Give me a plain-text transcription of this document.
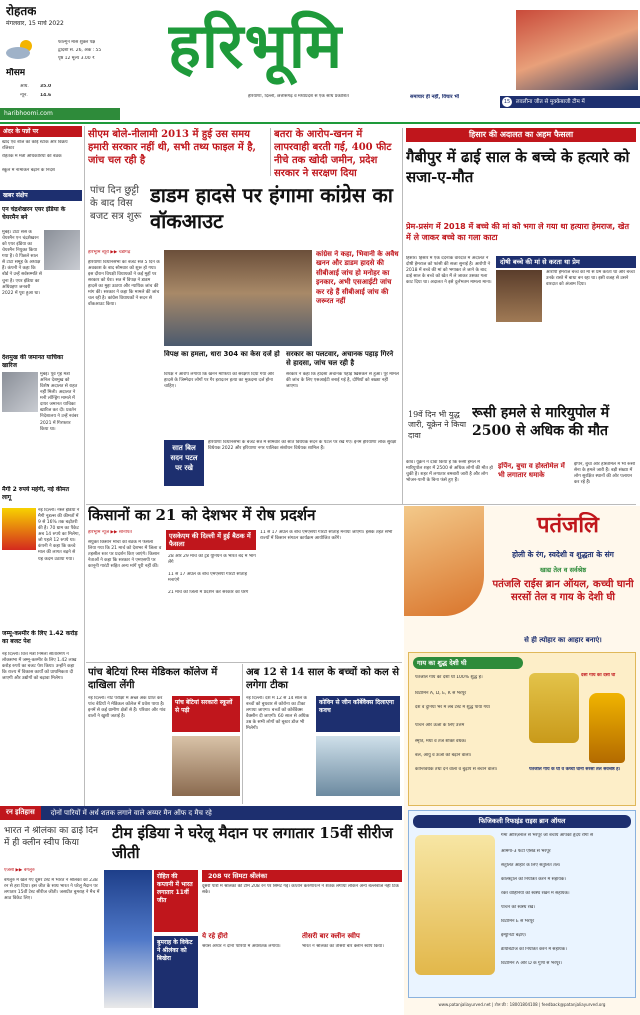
रोहतक
मंगलवार, 15 मार्च 2022
फाल्गुन मास शुक्ल पक्ष
द्वादशी सं. 26, अंक : 55
पृष्ठ 12 मूल्य 3.00 ₹
मौसम
अधि. 35.0
न्यून.	14.6
haribhoomi.com
हरिभूमि
हरियाणा, दिल्ली, छत्तीसगढ़ व मध्यप्रदेश से एक साथ प्रकाशित	समाचार ही नहीं, विचार भी
15 लवलीना जीत से मुक्केबाजी टीम में
अंदर के पन्नों पर
खाद एवं बीज का कोई स्टॉक और विक्रय रजिस्टर
रोहतक में मंत्री अधिकारियों की बैठक
स्कूल में नामांकन बढ़ाने के निर्देश
खबर संक्षेप
एन चंद्रशेखरन एयर इंडिया के चेयरमैन बने
मुंबई। टाटा संस के चेयरमैन एन चंद्रशेखरन को एयर इंडिया का चेयरमैन नियुक्त किया गया है। वे पिछले साल से टाटा समूह के अध्यक्ष हैं। कंपनी ने कहा कि बोर्ड ने उन्हें सर्वसम्मति से चुना है। एयर इंडिया का अधिग्रहण जनवरी 2022 में पूरा हुआ था।
देशमुख की जमानत याचिका खारिज
मुंबई। पूर्व गृह मंत्री अनिल देशमुख को विशेष अदालत से राहत नहीं मिली। अदालत ने मनी लॉन्ड्रिंग मामले में दायर जमानत याचिका खारिज कर दी। प्रवर्तन निदेशालय ने उन्हें नवंबर 2021 में गिरफ्तार किया था।
मैगी 2 रुपये महंगी, नई कीमत लागू
नई दिल्ली। नेस्ले इंडिया ने मैगी नूडल्स की कीमतों में 9 से 16% तक बढ़ोतरी की है। 70 ग्राम का पैकेट अब 14 रुपये का मिलेगा, जो पहले 12 रुपये था। कंपनी ने कहा कि कच्चे माल की लागत बढ़ने से यह कदम उठाया गया।
जम्मू-कश्मीर के लिए 1.42 करोड़ का बजट पेश
नई दिल्ली। वित्त मंत्री निर्मला सीतारमण ने लोकसभा में जम्मू-कश्मीर के लिए 1.42 लाख करोड़ रुपये का बजट पेश किया। उन्होंने कहा कि राज्य में विकास कार्यों को प्राथमिकता दी जाएगी और उद्योगों को बढ़ावा मिलेगा।
सीएम बोले-नीलामी 2013 में हुई उस समय हमारी सरकार नहीं थी, सभी तथ्य फाइल में है, जांच चल रही है
बतरा के आरोप-खनन में लापरवाही बरती गई, 400 फीट नीचे तक खोदी जमीन, प्रदेश सरकार ने सरक्षण दिया
पांच दिन छुट्टी के बाद विस बजट सत्र शुरू
डाडम हादसे पर हंगामा कांग्रेस का वॉकआउट
हरिभूमि ब्यूरो ▶▶ चंडीगढ़
हरियाणा विधानसभा का बजट सत्र 5 दिन के अवकाश के बाद सोमवार को शुरू हो गया। इस दौरान विपक्षी विधायकों ने कई मुद्दों पर सरकार को घेरा। सत्र में विपक्ष ने डाडम हादसे का मुद्दा उठाया और न्यायिक जांच की मांग की। सरकार ने कहा कि मामले की जांच चल रही है। कांग्रेस विधायकों ने सदन से वॉकआउट किया।
कांग्रेस ने कहा, भिवानी के अवैध खनन और डाडम हादसे की सीबीआई जांच हो मनोहर का इनकार, अभी एसआईटी जांच कर रहे हैं सीबीआई जांच की जरूरत नहीं
विपक्ष का हमला, धारा 304 का केस दर्ज हो
विपक्ष ने आरोप लगाया कि खनन माफिया को संरक्षण दिया गया और हादसे के जिम्मेदार लोगों पर गैर इरादतन हत्या का मुकदमा दर्ज होना चाहिए।
सरकार का पलटवार, अचानक पहाड़ गिरने से हादसा, जांच चल रही है
सरकार ने कहा कि हादसा अचानक पहाड़ खिसकने से हुआ। पूरे मामले की जांच के लिए एसआईटी बनाई गई है, दोषियों को बख्शा नहीं जाएगा।
सात बिल सदन पटल पर रखे
हरियाणा विधानसभा के बजट सत्र में सोमवार को सात विधेयक सदन के पटल पर रखे गए। इनमें हरियाणा लोक सुरक्षा विधेयक 2022 और हरियाणा नगर पालिका संशोधन विधेयक शामिल हैं।
हिसार की अदालत का अहम फैसला
गैबीपुर में ढाई साल के बच्चे के हत्यारे को सजा-ए-मौत
प्रेम-प्रसंग में 2018 में बच्चे की मां को भगा ले गया था हत्यारा हेमराज, खेत में ले जाकर बच्चे का गला काटा
हिसार। हिसार में एक दर्दनाक वारदात में अदालत ने दोषी हेमराज को फांसी की सजा सुनाई है। आरोपी ने 2018 में बच्चे की मां को भगाकर ले जाने के बाद ढाई साल के बच्चे को खेत में ले जाकर उसका गला काट दिया था। अदालत ने इसे दुर्लभतम मामला माना।
दोषी बच्चे की मां से करता था प्रेम
आरोपी हेमराज बच्चे की मां से प्रेम करता था और बच्चा उनके रास्ते में बाधा बन रहा था। इसी वजह से उसने वारदात को अंजाम दिया।
19वें दिन भी युद्ध जारी, यूक्रेन ने किया दावा
रूसी हमले से मारियुपोल में 2500 से अधिक की मौत
कीव। यूक्रेन ने दावा किया है कि रूसी हमले में मारियुपोल शहर में 2500 से अधिक लोगों की मौत हो चुकी है। शहर में लगातार बमबारी जारी है और लोग भोजन-पानी के बिना फंसे हुए हैं।
इर्पिन, बुचा व होस्तोमेल में भी लगातार धमाके
इर्पिन, बुचा और होस्तोमेल में भी रूसी सेना के हमले जारी हैं। बड़ी संख्या में लोग सुरक्षित स्थानों की ओर पलायन कर रहे हैं।
किसानों का 21 को देशभर में रोष प्रदर्शन
हरिभूमि न्यूज ▶▶ सोनीपत
संयुक्त किसान मोर्चा की बैठक में फैसला लिया गया कि 21 मार्च को देशभर में जिला व तहसील स्तर पर प्रदर्शन किए जाएंगे। किसान नेताओं ने कहा कि सरकार ने एमएसपी पर कानूनी गारंटी सहित अन्य मांगें पूरी नहीं कीं।
एसकेएम की दिल्ली में हुई बैठक में फैसला
28 और 29 मार्च को ट्रेड यूनियन के भारत बंद में भाग लेंगे
11 से 17 अप्रैल के बीच एमएसपी गारंटी सप्ताह मनाएंगे
21 मार्च को जिलों में प्रदर्शन कर सरकार को घेरेंगे
11 से 17 अप्रैल के बीच एमएसपी गारंटी सप्ताह मनाया जाएगा। इसके तहत सभी राज्यों में किसान संगठन कार्यक्रम आयोजित करेंगे।
पांच बेटियां रिम्स मेडिकल कॉलेज में दाखिला लेंगी
नई दिल्ली। नीट परीक्षा में अच्छे अंक प्राप्त कर पांच बेटियों ने मेडिकल कॉलेज में प्रवेश पाया है। इनमें से कई ग्रामीण क्षेत्रों से हैं। परिवार और गांव वालों ने खुशी जताई है।
पांच बेटियां सरकारी स्कूलों से पढ़ी
अब 12 से 14 साल के बच्चों को कल से लगेगा टीका
नई दिल्ली। देश में 12 से 14 साल के बच्चों को बुधवार से कोरोना का टीका लगाया जाएगा। बच्चों को कोर्बेवैक्स वैक्सीन दी जाएगी। 60 साल से अधिक उम्र के सभी लोगों को बूस्टर डोज भी मिलेगी।
कोविन से जीन कॉर्बेवैक्स दिलाएगा कवच
रन इतिहास दोनों पारियों में अर्ध शतक लगाने वाले अय्यर मैन ऑफ द मैच रहे
भारत ने श्रीलंका का ढाई दिन में ही क्लीन स्वीप किया
टीम इंडिया ने घरेलू मैदान पर लगातार 15वीं सीरीज जीती
एजेंसी ▶▶ बेंगलुरु
बेंगलुरु में खेले गए दूसरे टेस्ट में भारत ने श्रीलंका को 238 रन से हरा दिया। इस जीत के साथ भारत ने घरेलू मैदान पर लगातार 15वीं टेस्ट सीरीज जीती। जसप्रीत बुमराह ने मैच में आठ विकेट लिए।
रोहित की कप्तानी में भारत लगातार 11वीं जीत
बुमराह के विकेट ने श्रीलंका को बिखेरा
208 पर सिमटा श्रीलंका
दूसरी पारी में श्रीलंका की टीम 208 रन पर सिमट गई। कप्तान करुणारत्ने ने शतक लगाया लेकिन अन्य बल्लेबाज नहीं टिक सके।
ये रहे हीरो
श्रेयस अय्यर ने दोनों पारियों में अर्धशतक लगाया।
तीसरी बार क्लीन स्वीप
भारत ने श्रीलंका का तीसरी बार क्लीन स्वीप किया।
पतंजलि
होली के रंग, स्वदेशी व शुद्धता के संग
खाद्य तेल व सर्वश्रेष्ठ
पतंजलि राईस ब्रान ऑयल, कच्ची घानी सरसों तेल व गाय के देशी घी
से ही त्योहार का आहार बनाएं।
गाय का शुद्ध देशी घी
पतंजलि गाय का देशी घी 100% शुद्ध है।
विटामिन A, D, E, K से भरपूर
देश व दुनिया भर में लैब टेस्ट में शुद्ध पाया गया
पाचन और ऊर्जा के लिए उत्तम
स्मृति, मेधा व तेज शक्ति वर्धक।
बल, आयु व ऊर्जा को बढ़ाने वाला।
कान्तिवर्धक तथा देने वाला व बुढ़ापे से बचाने वाला।
देसी गाय का देसी घी
पतंजलि गाय के घी व कच्ची घानी सरसों तेल सर्वश्रेष्ठ है।
फिजिकली रिफाइंड राइस ब्रान ऑयल
गैमा ओरिज़नॉल से भरपूर जो बचाये आपको हृदय रोगों से
ओमेगा-3 फैटी एसिड से भरपूर
संतुलित आहार के लिए संतुलित तेल।
कोलेस्ट्रॉल को नियंत्रित करने में सहायक।
रक्त वाहिनियों को स्वस्थ रखने में सहायक।
पाचन को स्वस्थ रखे।
विटामिन E से भरपूर
इम्युनिटी बढ़ाए।
डायबिटीज को नियंत्रित करने में सहायक।
विटामिन A और D के गुणों से भरपूर।
www.patanjaliayurved.net | टोल फ्री : 18001804108 | feedback@patanjaliayurved.org
